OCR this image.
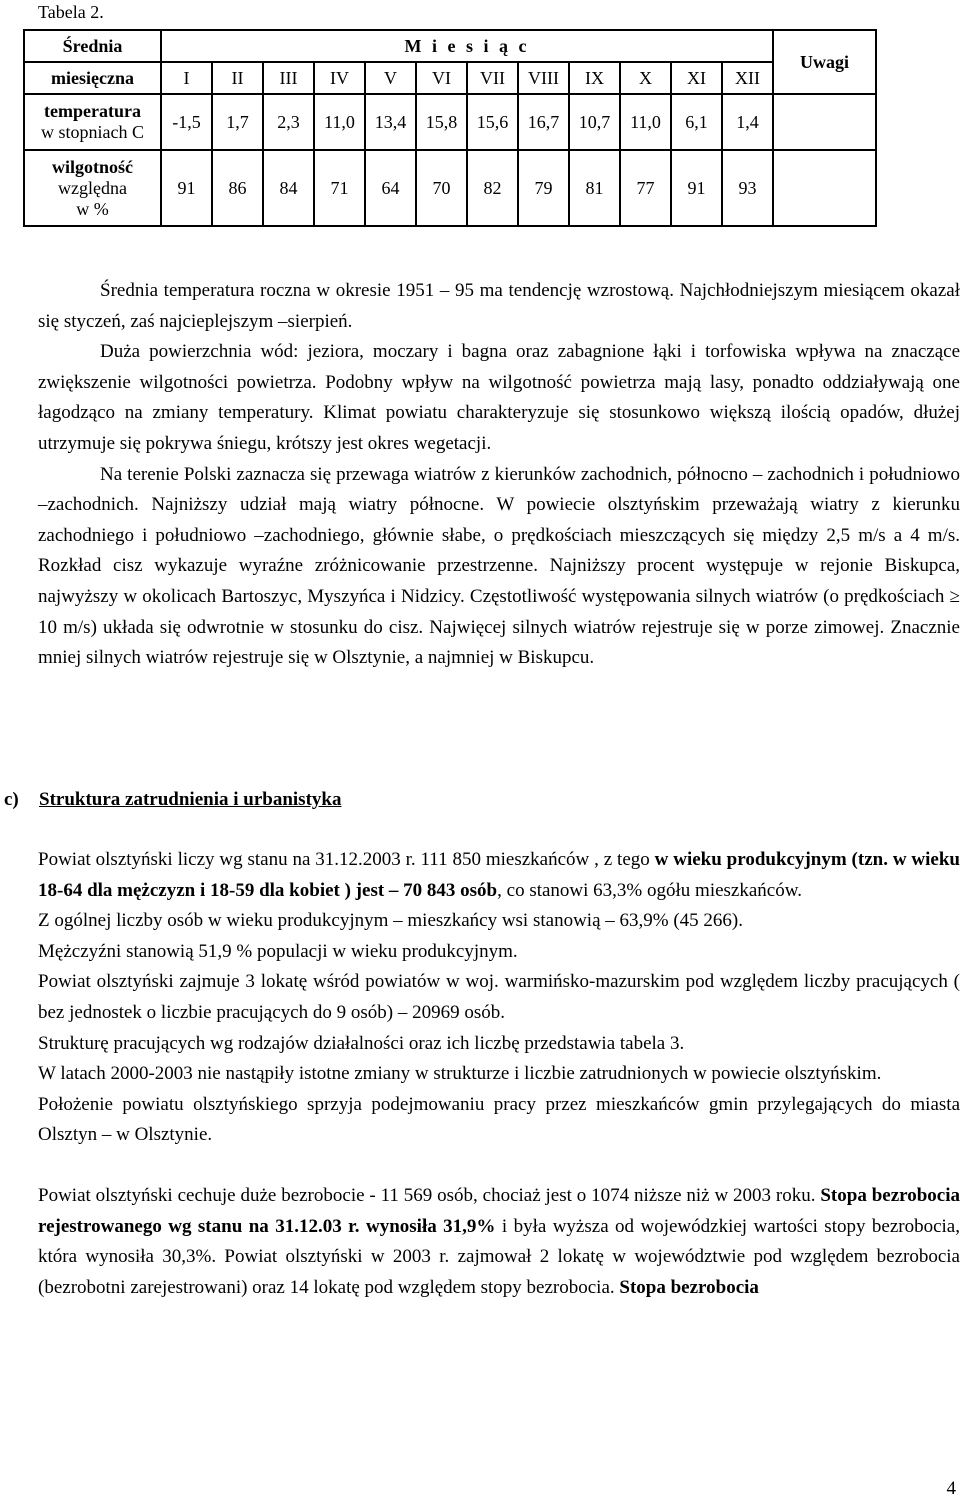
Tabela 2.
Średnia	M i e s i ą c												Uwagi
miesięczna	I	II	III	IV	V	VI	VII	VIII	IX	X	XI	XII	
temperatura
w stopniach C	-1,5	1,7	2,3	11,0	13,4	15,8	15,6	16,7	10,7	11,0	6,1	1,4	
wilgotność
względna
w %	91	86	84	71	64	70	82	79	81	77	91	93	

Średnia temperatura roczna w okresie 1951 – 95 ma tendencję wzrostową. Najchłodniejszym miesiącem okazał się styczeń, zaś najcieplejszym –sierpień.

Duża powierzchnia wód: jeziora, moczary i bagna oraz zabagnione łąki i torfowiska wpływa na znaczące zwiększenie wilgotności powietrza. Podobny wpływ na wilgotność powietrza mają lasy, ponadto oddziaływają one łagodząco na zmiany temperatury. Klimat powiatu charakteryzuje się stosunkowo większą ilością opadów, dłużej utrzymuje się pokrywa śniegu, krótszy jest okres wegetacji.

Na terenie Polski zaznacza się przewaga wiatrów z kierunków zachodnich, północno – zachodnich i południowo –zachodnich. Najniższy udział mają wiatry północne. W powiecie olsztyńskim przeważają wiatry z kierunku zachodniego i południowo –zachodniego, głównie słabe, o prędkościach mieszczących się między 2,5 m/s a 4 m/s. Rozkład cisz wykazuje wyraźne zróżnicowanie przestrzenne. Najniższy procent występuje w rejonie Biskupca, najwyższy w okolicach Bartoszyc, Myszyńca i Nidzicy. Częstotliwość występowania silnych wiatrów (o prędkościach ≥ 10 m/s) układa się odwrotnie w stosunku do cisz. Najwięcej silnych wiatrów rejestruje się w porze zimowej. Znacznie mniej silnych wiatrów rejestruje się w Olsztynie, a najmniej w Biskupcu.

c) Struktura zatrudnienia i urbanistyka

Powiat olsztyński liczy wg stanu na 31.12.2003 r. 111 850 mieszkańców , z tego w wieku produkcyjnym (tzn. w wieku 18-64 dla mężczyzn i 18-59 dla kobiet ) jest – 70 843 osób, co stanowi 63,3% ogółu mieszkańców.

Z ogólnej liczby osób w wieku produkcyjnym – mieszkańcy wsi stanowią – 63,9% (45 266).

Mężczyźni stanowią 51,9 % populacji w wieku produkcyjnym.

Powiat olsztyński zajmuje 3 lokatę wśród powiatów w woj. warmińsko-mazurskim pod względem liczby pracujących ( bez jednostek o liczbie pracujących do 9 osób) – 20969 osób.

Strukturę pracujących wg rodzajów działalności oraz ich liczbę przedstawia tabela 3.

W latach 2000-2003 nie nastąpiły istotne zmiany w strukturze i liczbie zatrudnionych w powiecie olsztyńskim.

Położenie powiatu olsztyńskiego sprzyja podejmowaniu pracy przez mieszkańców gmin przylegających do miasta Olsztyn – w Olsztynie.

Powiat olsztyński cechuje duże bezrobocie - 11 569 osób, chociaż jest o 1074 niższe niż w 2003 roku. Stopa bezrobocia rejestrowanego wg stanu na 31.12.03 r. wynosiła 31,9% i była wyższa od wojewódzkiej wartości stopy bezrobocia, która wynosiła 30,3%. Powiat olsztyński w 2003 r. zajmował 2 lokatę w województwie pod względem bezrobocia (bezrobotni zarejestrowani) oraz 14 lokatę pod względem stopy bezrobocia. Stopa bezrobocia

4
